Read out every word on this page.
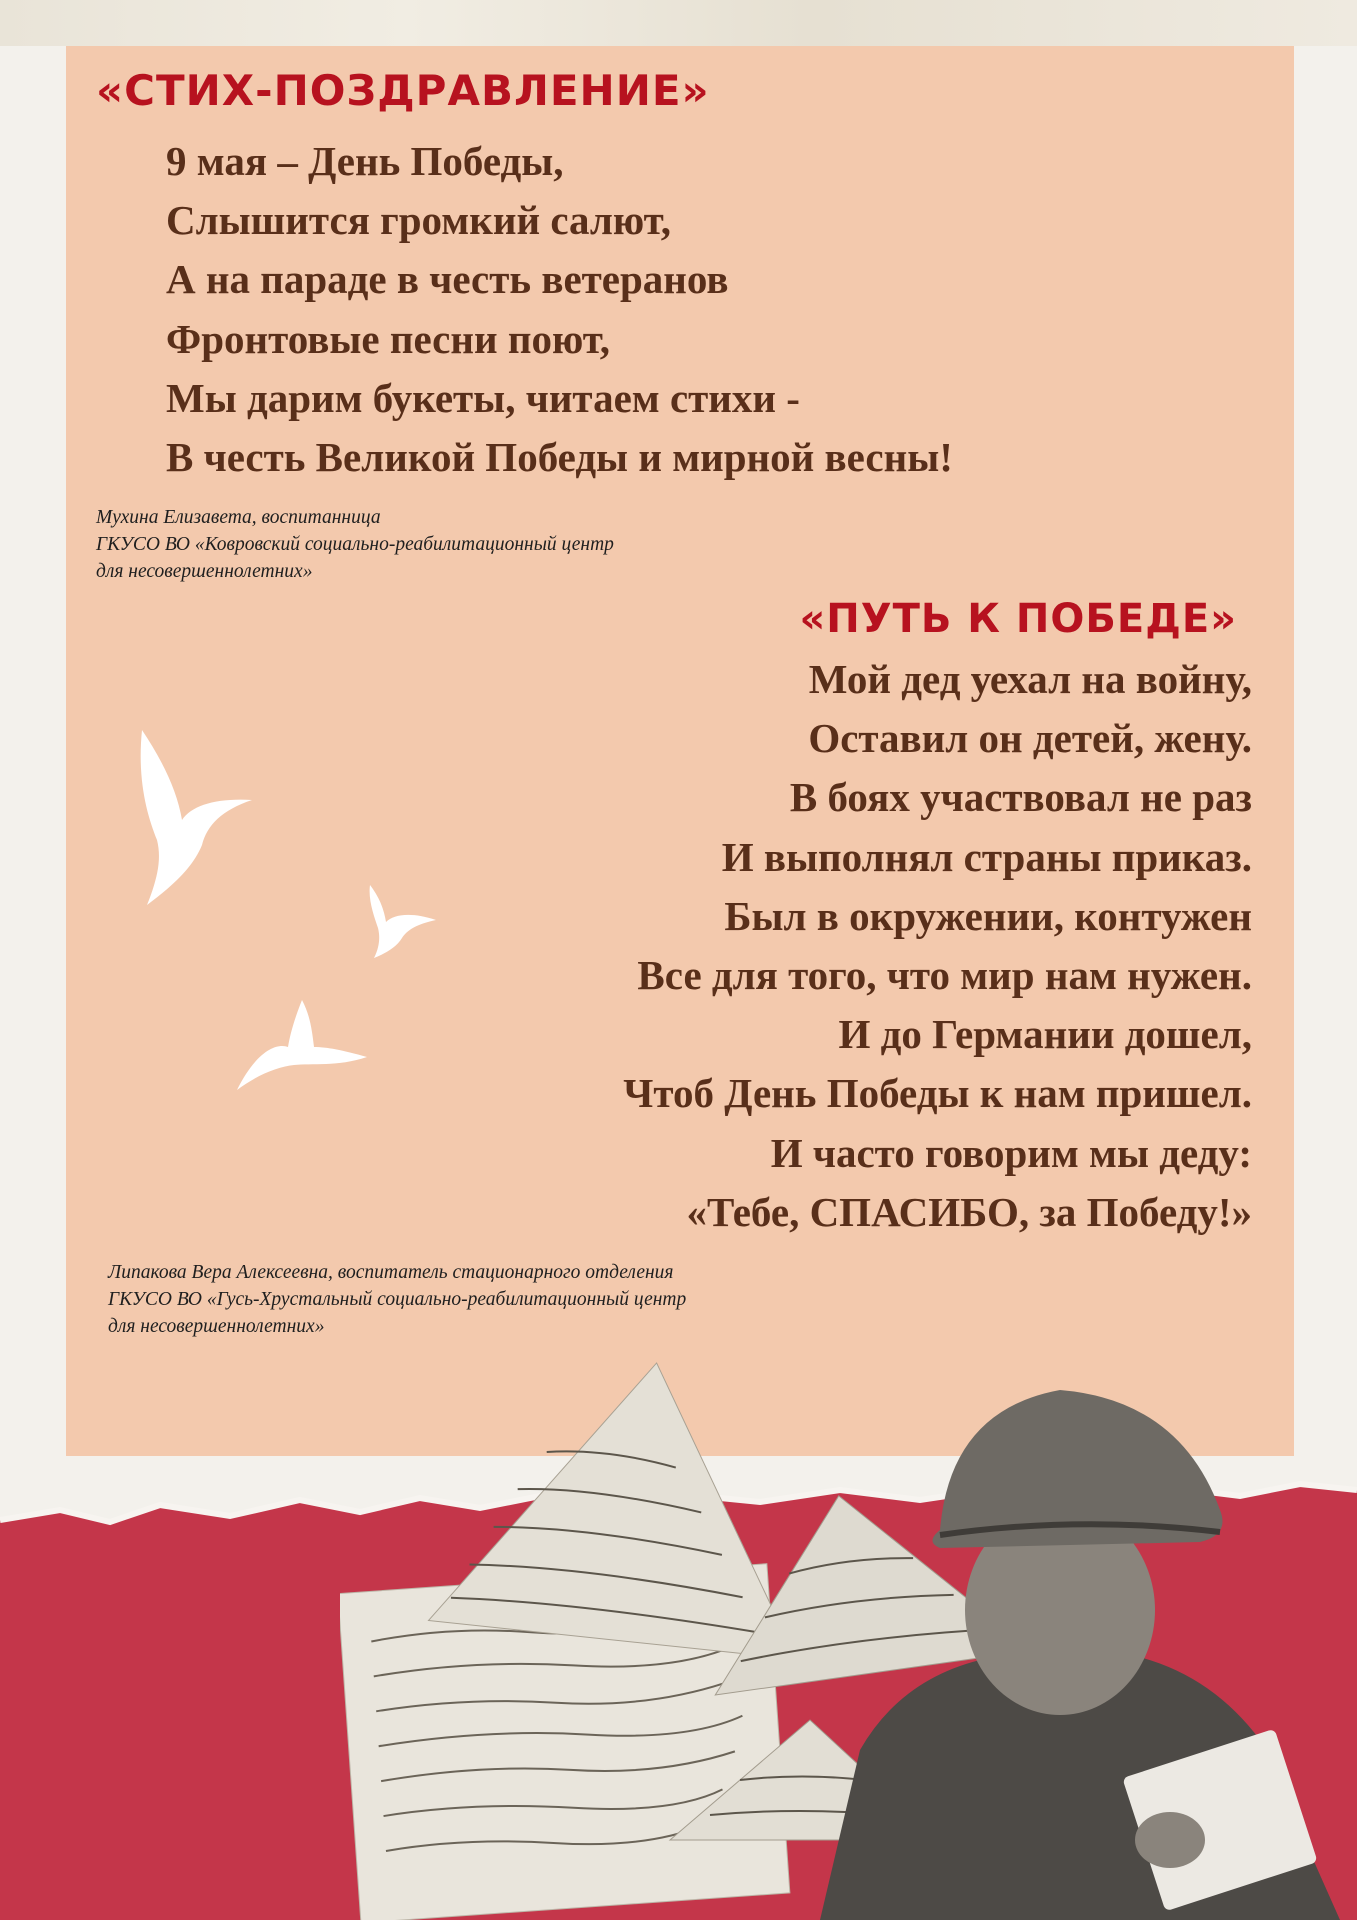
«СТИХ-ПОЗДРАВЛЕНИЕ»
9 мая – День Победы,
Слышится громкий салют,
А на параде в честь ветеранов
Фронтовые песни поют,
Мы дарим букеты, читаем стихи -
В честь Великой Победы и мирной весны!
Мухина Елизавета, воспитанница
ГКУСО ВО «Ковровский социально-реабилитационный центр
для несовершеннолетних»
«ПУТЬ К ПОБЕДЕ»
Мой дед уехал на войну,
Оставил он детей, жену.
В боях участвовал не раз
И выполнял страны приказ.
Был в окружении, контужен
Все для того, что мир нам нужен.
И до Германии дошел,
Чтоб День Победы к нам пришел.
И часто говорим мы деду:
«Тебе, СПАСИБО, за Победу!»
Липакова Вера Алексеевна, воспитатель стационарного отделения
ГКУСО ВО «Гусь-Хрустальный социально-реабилитационный центр
для несовершеннолетних»
